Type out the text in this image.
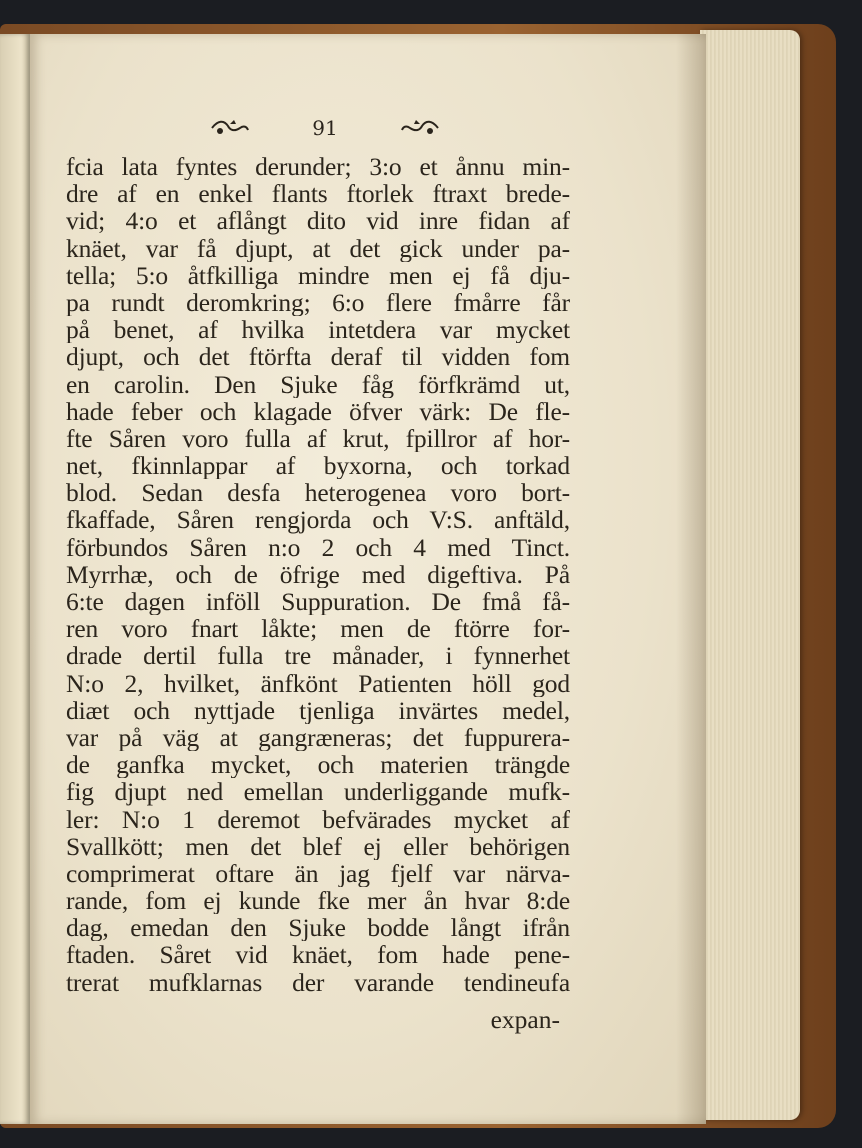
91
fcia lata fyntes derunder; 3:o et ånnu min-
dre af en enkel flants ftorlek ftraxt brede-
vid; 4:o et aflångt dito vid inre fidan af
knäet, var få djupt, at det gick under pa-
tella; 5:o åtfkilliga mindre men ej få dju-
pa rundt deromkring; 6:o flere fmårre får
på benet, af hvilka intetdera var mycket
djupt, och det ftörfta deraf til vidden fom
en carolin. Den Sjuke fåg förfkrämd ut,
hade feber och klagade öfver värk: De fle-
fte Såren voro fulla af krut, fpillror af hor-
net, fkinnlappar af byxorna, och torkad
blod. Sedan desfa heterogenea voro bort-
fkaffade, Såren rengjorda och V:S. anftäld,
förbundos Såren n:o 2 och 4 med Tinct.
Myrrhæ, och de öfrige med digeftiva. På
6:te dagen inföll Suppuration. De fmå få-
ren voro fnart låkte; men de ftörre for-
drade dertil fulla tre månader, i fynnerhet
N:o 2, hvilket, änfkönt Patienten höll god
diæt och nyttjade tjenliga invärtes medel,
var på väg at gangræneras; det fuppurera-
de ganfka mycket, och materien trängde
fig djupt ned emellan underliggande mufk-
ler: N:o 1 deremot befvärades mycket af
Svallkött; men det blef ej eller behörigen
comprimerat oftare än jag fjelf var närva-
rande, fom ej kunde fke mer ån hvar 8:de
dag, emedan den Sjuke bodde långt ifrån
ftaden. Såret vid knäet, fom hade pene-
trerat mufklarnas der varande tendineufa
expan-
